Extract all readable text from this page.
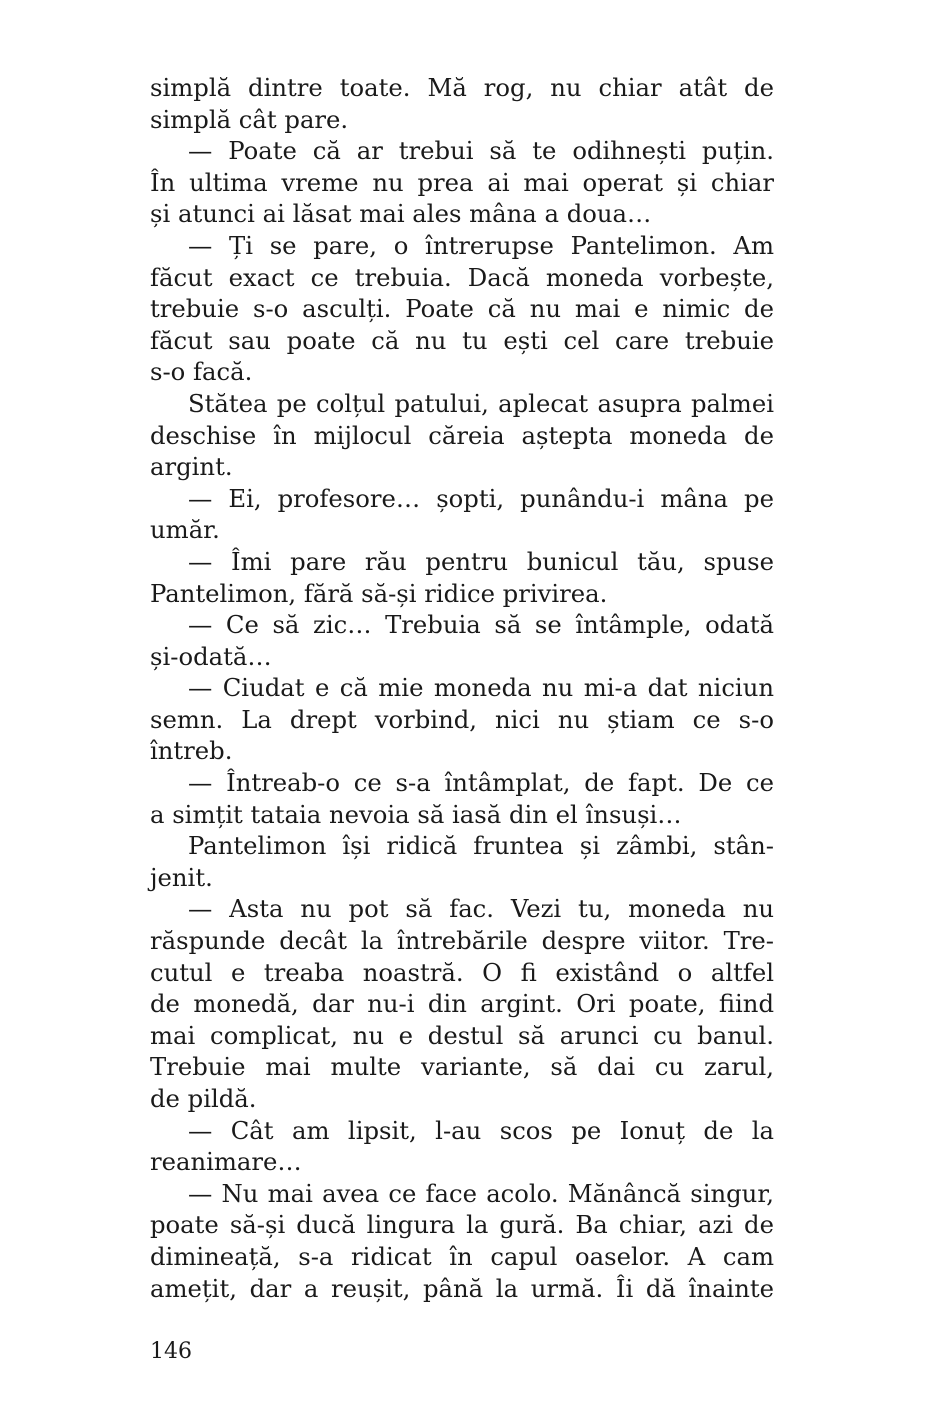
simplă dintre toate. Mă rog, nu chiar atât de
simplă cât pare.
— Poate că ar trebui să te odihnești puțin.
În ultima vreme nu prea ai mai operat și chiar
și atunci ai lăsat mai ales mâna a doua…
— Ți se pare, o întrerupse Pantelimon. Am
făcut exact ce trebuia. Dacă moneda vorbește,
trebuie s-o asculți. Poate că nu mai e nimic de
făcut sau poate că nu tu ești cel care trebuie
s-o facă.
Stătea pe colțul patului, aplecat asupra palmei
deschise în mijlocul căreia aștepta moneda de
argint.
— Ei, profesore… șopti, punându-i mâna pe
umăr.
— Îmi pare rău pentru bunicul tău, spuse
Pantelimon, fără să-și ridice privirea.
— Ce să zic… Trebuia să se întâmple, odată
și-odată…
— Ciudat e că mie moneda nu mi-a dat niciun
semn. La drept vorbind, nici nu știam ce s-o
întreb.
— Întreab-o ce s-a întâmplat, de fapt. De ce
a simțit tataia nevoia să iasă din el însuși…
Pantelimon își ridică fruntea și zâmbi, stân-
jenit.
— Asta nu pot să fac. Vezi tu, moneda nu
răspunde decât la întrebările despre viitor. Tre-
cutul e treaba noastră. O fi existând o altfel
de monedă, dar nu-i din argint. Ori poate, fiind
mai complicat, nu e destul să arunci cu banul.
Trebuie mai multe variante, să dai cu zarul,
de pildă.
— Cât am lipsit, l-au scos pe Ionuț de la
reanimare…
— Nu mai avea ce face acolo. Mănâncă singur,
poate să-și ducă lingura la gură. Ba chiar, azi de
dimineață, s-a ridicat în capul oaselor. A cam
amețit, dar a reușit, până la urmă. Îi dă înainte
146
